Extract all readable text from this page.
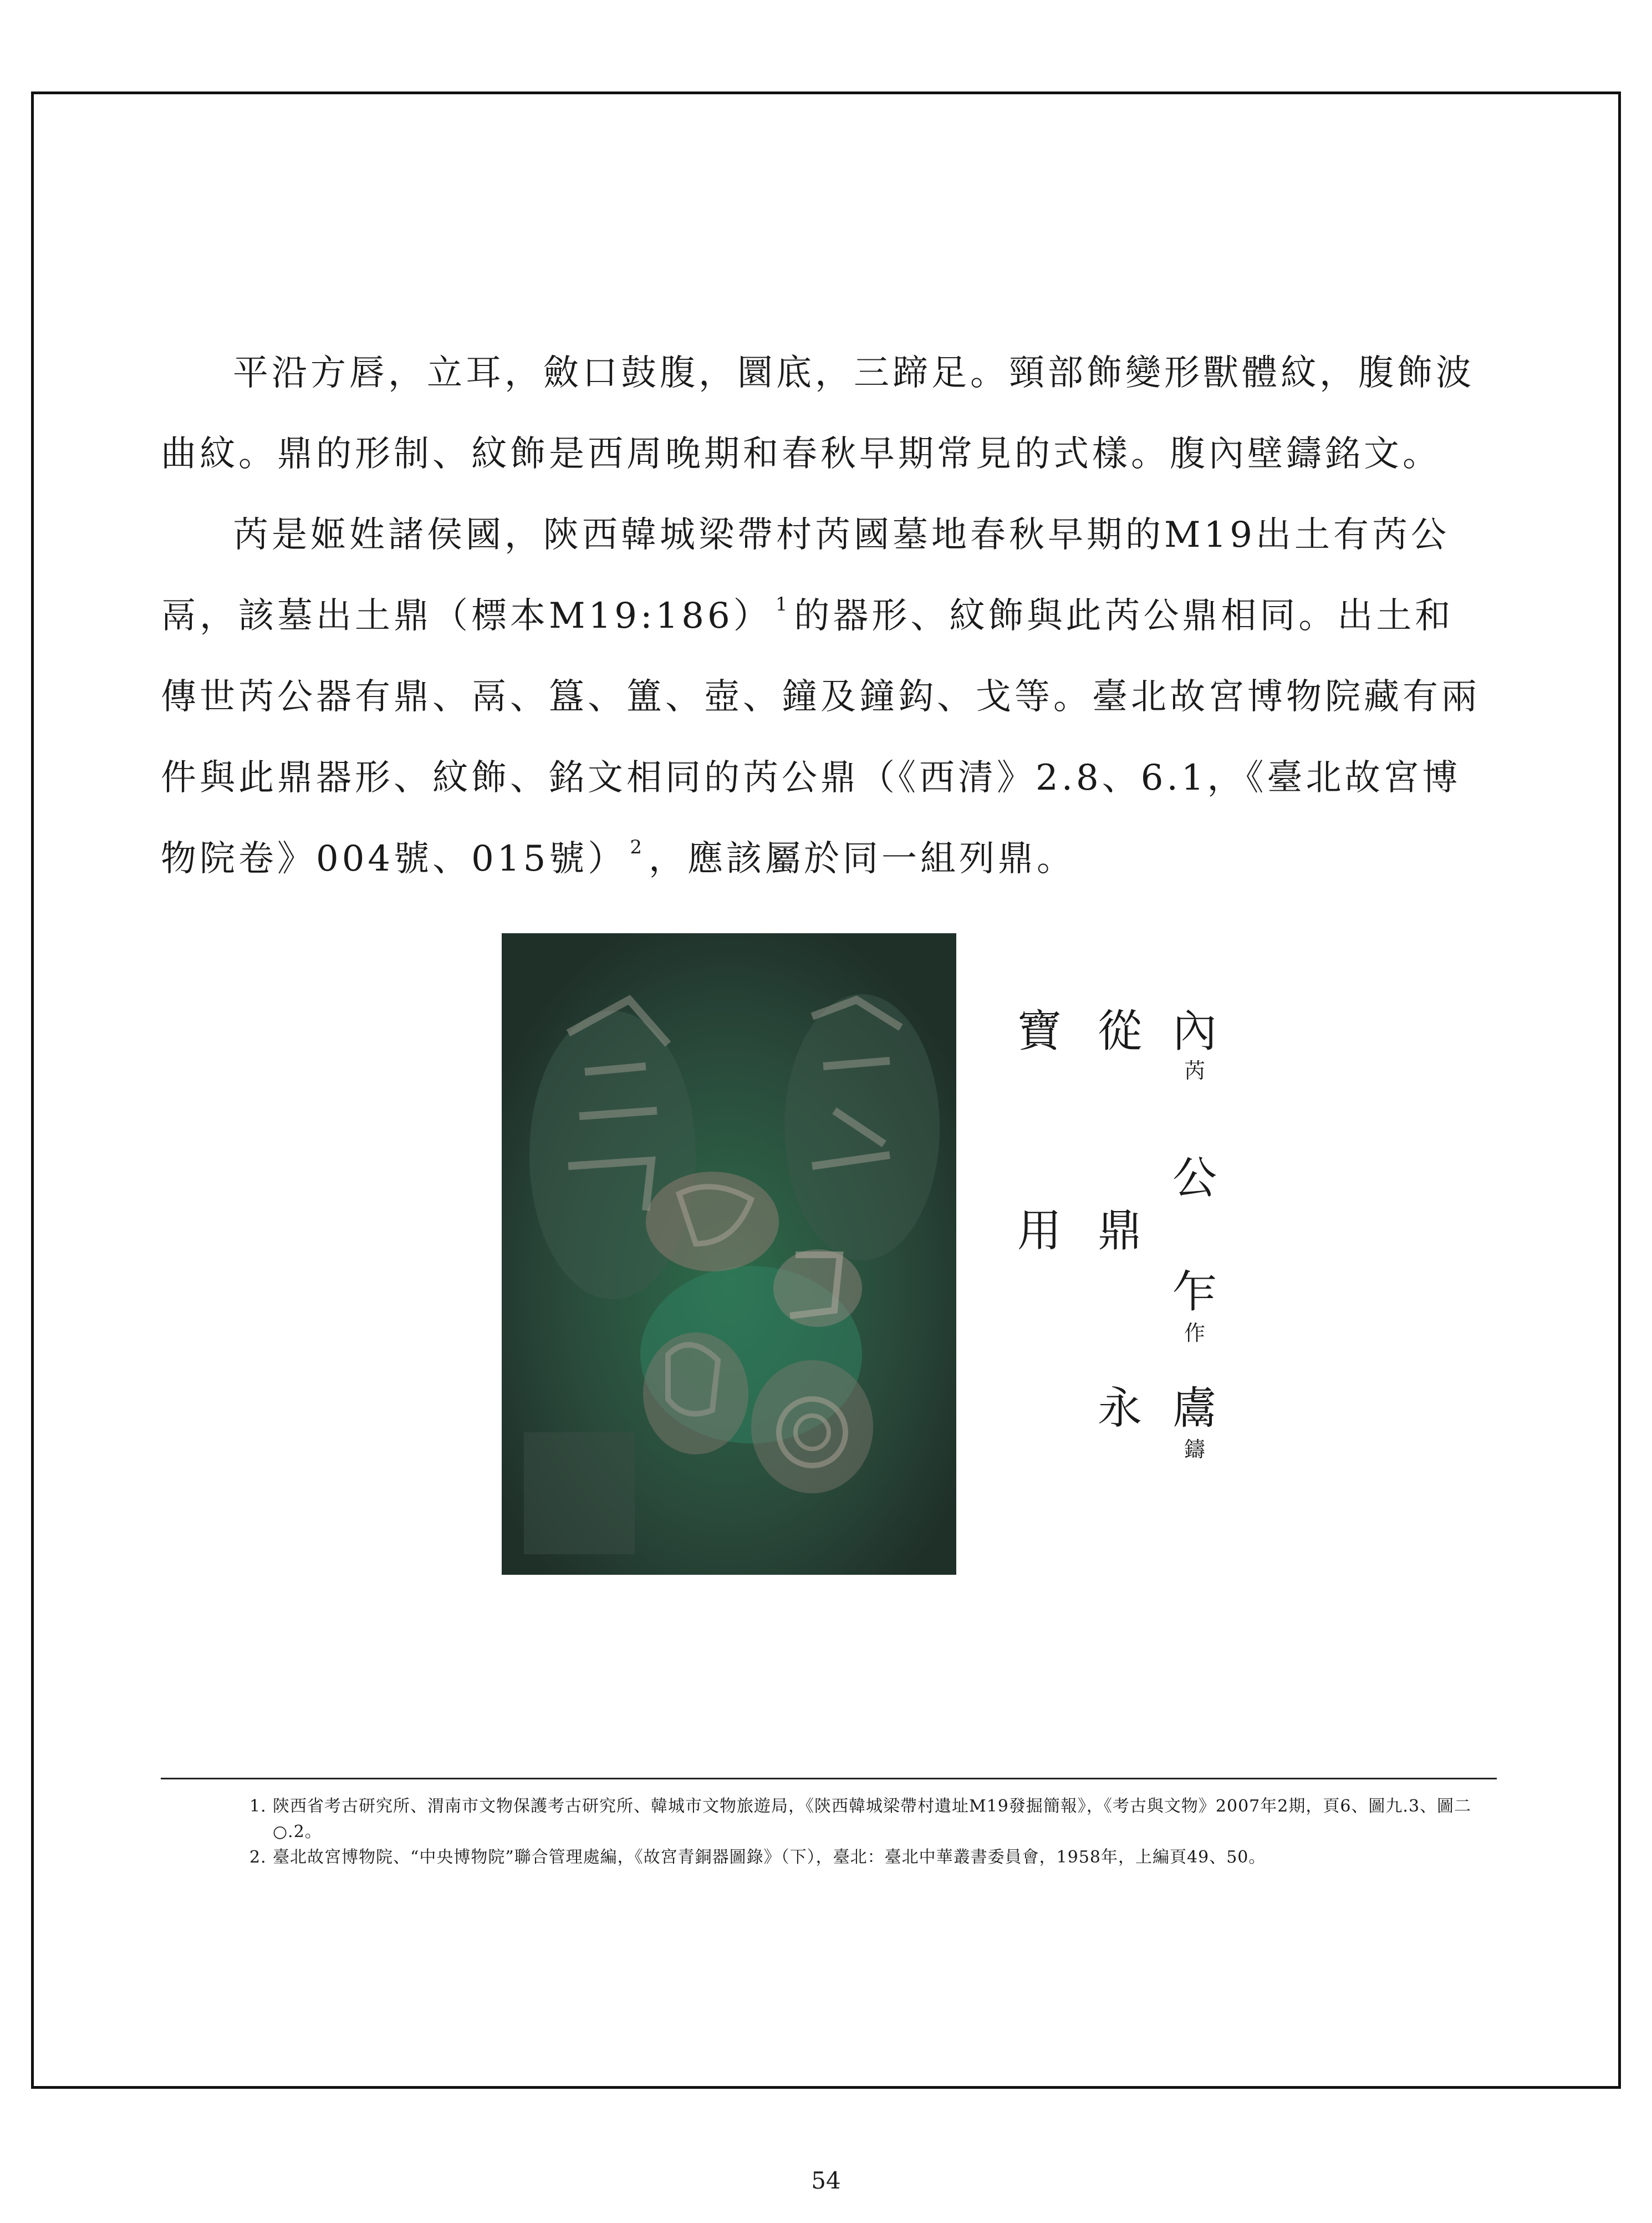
平沿方唇，立耳，斂口鼓腹，圜底，三蹄足。頸部飾變形獸體紋，腹飾波曲紋。鼎的形制、紋飾是西周晚期和春秋早期常見的式樣。腹內壁鑄銘文。

芮是姬姓諸侯國，陝西韓城梁帶村芮國墓地春秋早期的M19出土有芮公鬲，該墓出土鼎（標本M19:186） $^1$的器形、紋飾與此芮公鼎相同。出土和傳世芮公器有鼎、鬲、簋、簠、壺、鐘及鐘鈎、戈等。臺北故宮博物院藏有兩件與此鼎器形、紋飾、銘文相同的芮公鼎（《西清》2.8、6.1，《臺北故宮博物院卷》004號、015號） $^2$，應該屬於同一組列鼎。

內
芮
公
乍
作
鬳
鑄
從
鼎
永
寶
用

1. 陝西省考古研究所、渭南市文物保護考古研究所、韓城市文物旅遊局，《陝西韓城梁帶村遺址M19發掘簡報》，《考古與文物》2007年2期，頁6、圖九.3、圖二○.2。

2. 臺北故宮博物院、“中央博物院”聯合管理處編，《故宮青銅器圖錄》（下），臺北：臺北中華叢書委員會，1958年，上編頁49、50。

54
